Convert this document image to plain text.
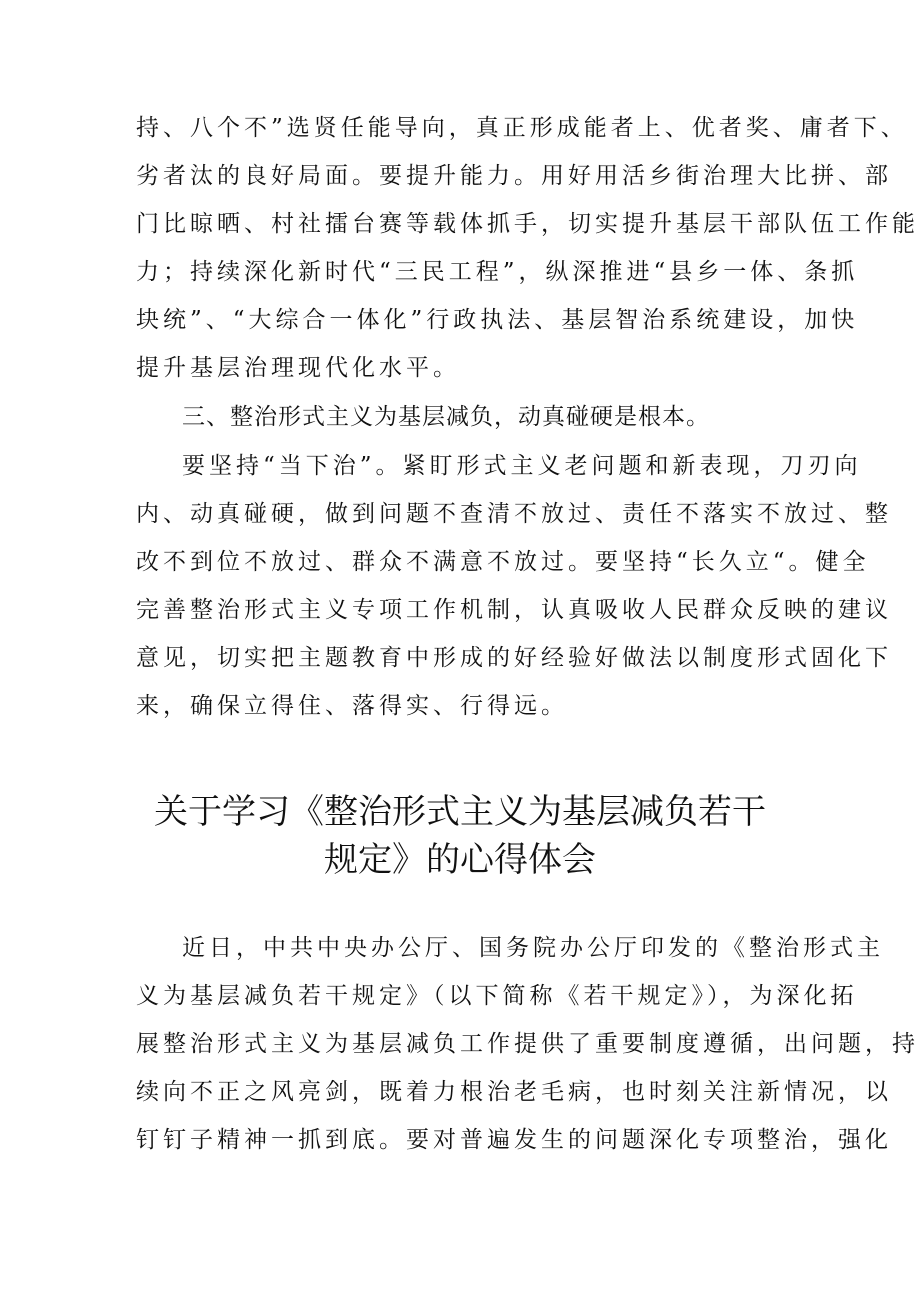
持、八个不”选贤任能导向，真正形成能者上、优者奖、庸者下、

劣者汰的良好局面。要提升能力。用好用活乡街治理大比拼、部

门比晾晒、村社擂台赛等载体抓手，切实提升基层干部队伍工作能

力；持续深化新时代“三民工程”，纵深推进“县乡一体、条抓

块统”、“大综合一体化”行政执法、基层智治系统建设，加快

提升基层治理现代化水平。

三、整治形式主义为基层减负，动真碰硬是根本。

要坚持“当下治”。紧盯形式主义老问题和新表现，刀刃向

内、动真碰硬，做到问题不查清不放过、责任不落实不放过、整

改不到位不放过、群众不满意不放过。要坚持“长久立“。健全

完善整治形式主义专项工作机制，认真吸收人民群众反映的建议

意见，切实把主题教育中形成的好经验好做法以制度形式固化下

来，确保立得住、落得实、行得远。

关于学习《整治形式主义为基层减负若干
规定》的心得体会

近日，中共中央办公厅、国务院办公厅印发的《整治形式主

义为基层减负若干规定》（以下简称《若干规定》），为深化拓

展整治形式主义为基层减负工作提供了重要制度遵循，出问题，持

续向不正之风亮剑，既着力根治老毛病，也时刻关注新情况，以

钉钉子精神一抓到底。要对普遍发生的问题深化专项整治，强化
